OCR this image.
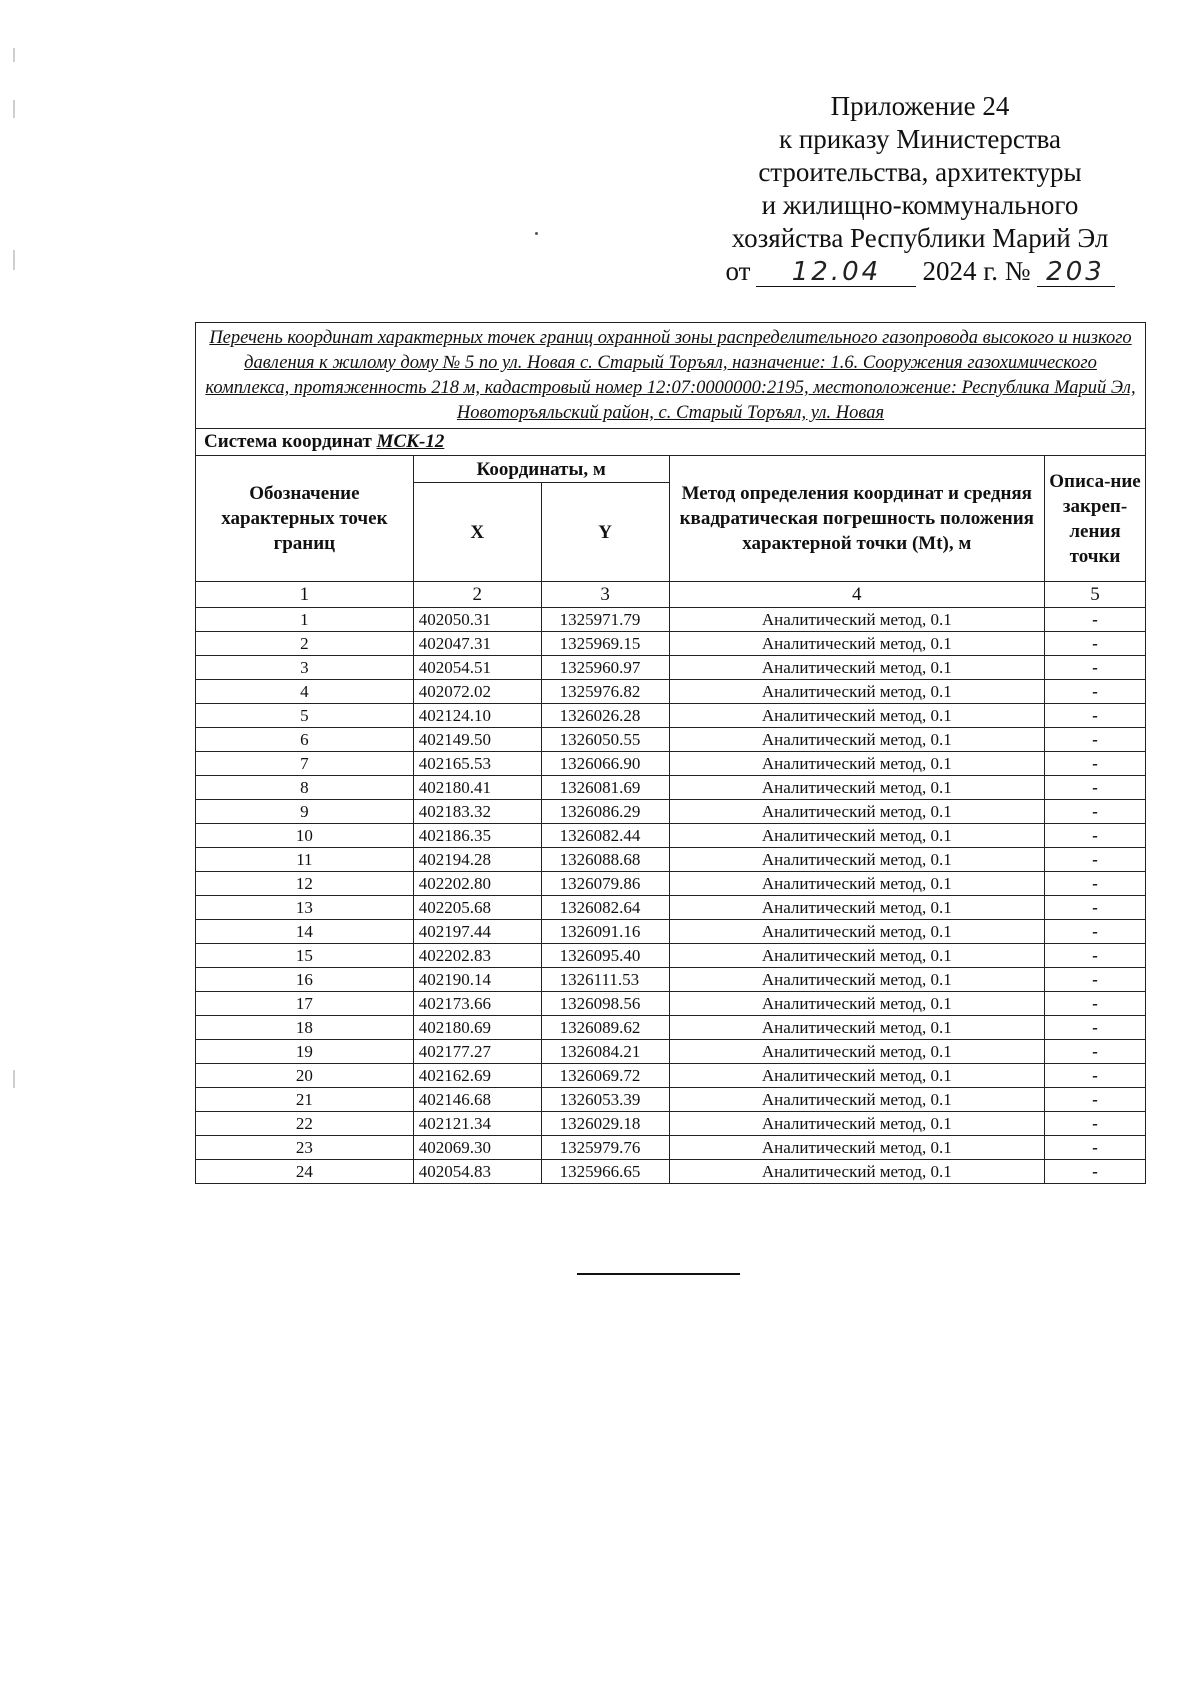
Приложение 24
к приказу Министерства
строительства, архитектуры
и жилищно-коммунального
хозяйства Республики Марий Эл
от	12.04	2024 г. № 203
Перечень координат характерных точек границ охранной зоны распределительного газопровода высокого и низкого давления к жилому дому № 5 по ул. Новая с. Старый Торъял, назначение: 1.6. Сооружения газохимического комплекса, протяженность 218 м, кадастровый номер 12:07:0000000:2195, местоположение: Республика Марий Эл, Новоторъяльский район, с. Старый Торъял, ул. Новая				
Система координат МСК-12				
Обозначение характерных точек границ	Координаты, м		Метод определения координат и средняя квадратическая погрешность положения характерной точки (Mt), м	Описа-ние закреп-ления точки
	X	Y		
1	2	3	4	5
1	402050.31	1325971.79	Аналитический метод, 0.1	-
2	402047.31	1325969.15	Аналитический метод, 0.1	-
3	402054.51	1325960.97	Аналитический метод, 0.1	-
4	402072.02	1325976.82	Аналитический метод, 0.1	-
5	402124.10	1326026.28	Аналитический метод, 0.1	-
6	402149.50	1326050.55	Аналитический метод, 0.1	-
7	402165.53	1326066.90	Аналитический метод, 0.1	-
8	402180.41	1326081.69	Аналитический метод, 0.1	-
9	402183.32	1326086.29	Аналитический метод, 0.1	-
10	402186.35	1326082.44	Аналитический метод, 0.1	-
11	402194.28	1326088.68	Аналитический метод, 0.1	-
12	402202.80	1326079.86	Аналитический метод, 0.1	-
13	402205.68	1326082.64	Аналитический метод, 0.1	-
14	402197.44	1326091.16	Аналитический метод, 0.1	-
15	402202.83	1326095.40	Аналитический метод, 0.1	-
16	402190.14	1326111.53	Аналитический метод, 0.1	-
17	402173.66	1326098.56	Аналитический метод, 0.1	-
18	402180.69	1326089.62	Аналитический метод, 0.1	-
19	402177.27	1326084.21	Аналитический метод, 0.1	-
20	402162.69	1326069.72	Аналитический метод, 0.1	-
21	402146.68	1326053.39	Аналитический метод, 0.1	-
22	402121.34	1326029.18	Аналитический метод, 0.1	-
23	402069.30	1325979.76	Аналитический метод, 0.1	-
24	402054.83	1325966.65	Аналитический метод, 0.1	-
